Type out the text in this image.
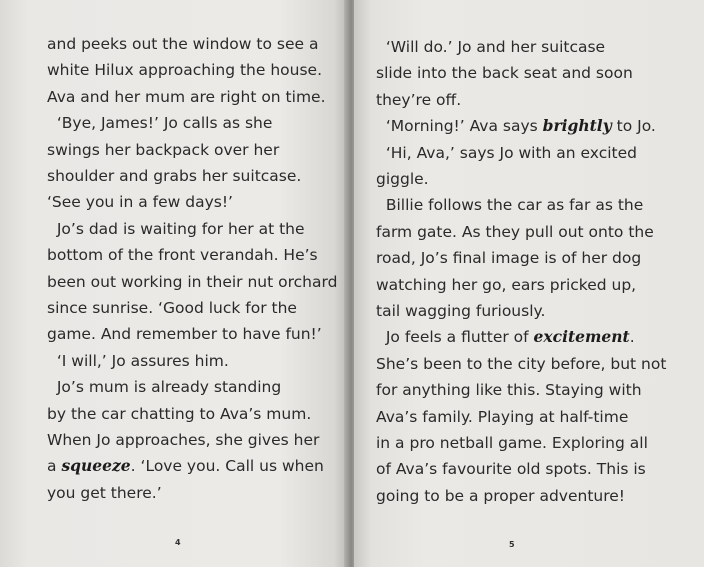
and peeks out the window to see a
white Hilux approaching the house.
Ava and her mum are right on time.
‘Bye, James!’ Jo calls as she
swings her backpack over her
shoulder and grabs her suitcase.
‘See you in a few days!’
Jo’s dad is waiting for her at the
bottom of the front verandah. He’s
been out working in their nut orchard
since sunrise. ‘Good luck for the
game. And remember to have fun!’
‘I will,’ Jo assures him.
Jo’s mum is already standing
by the car chatting to Ava’s mum.
When Jo approaches, she gives her
a squeeze. ‘Love you. Call us when
you get there.’
4
‘Will do.’ Jo and her suitcase
slide into the back seat and soon
they’re off.
‘Morning!’ Ava says brightly to Jo.
‘Hi, Ava,’ says Jo with an excited
giggle.
Billie follows the car as far as the
farm gate. As they pull out onto the
road, Jo’s final image is of her dog
watching her go, ears pricked up,
tail wagging furiously.
Jo feels a flutter of excitement.
She’s been to the city before, but not
for anything like this. Staying with
Ava’s family. Playing at half-time
in a pro netball game. Exploring all
of Ava’s favourite old spots. This is
going to be a proper adventure!
5
